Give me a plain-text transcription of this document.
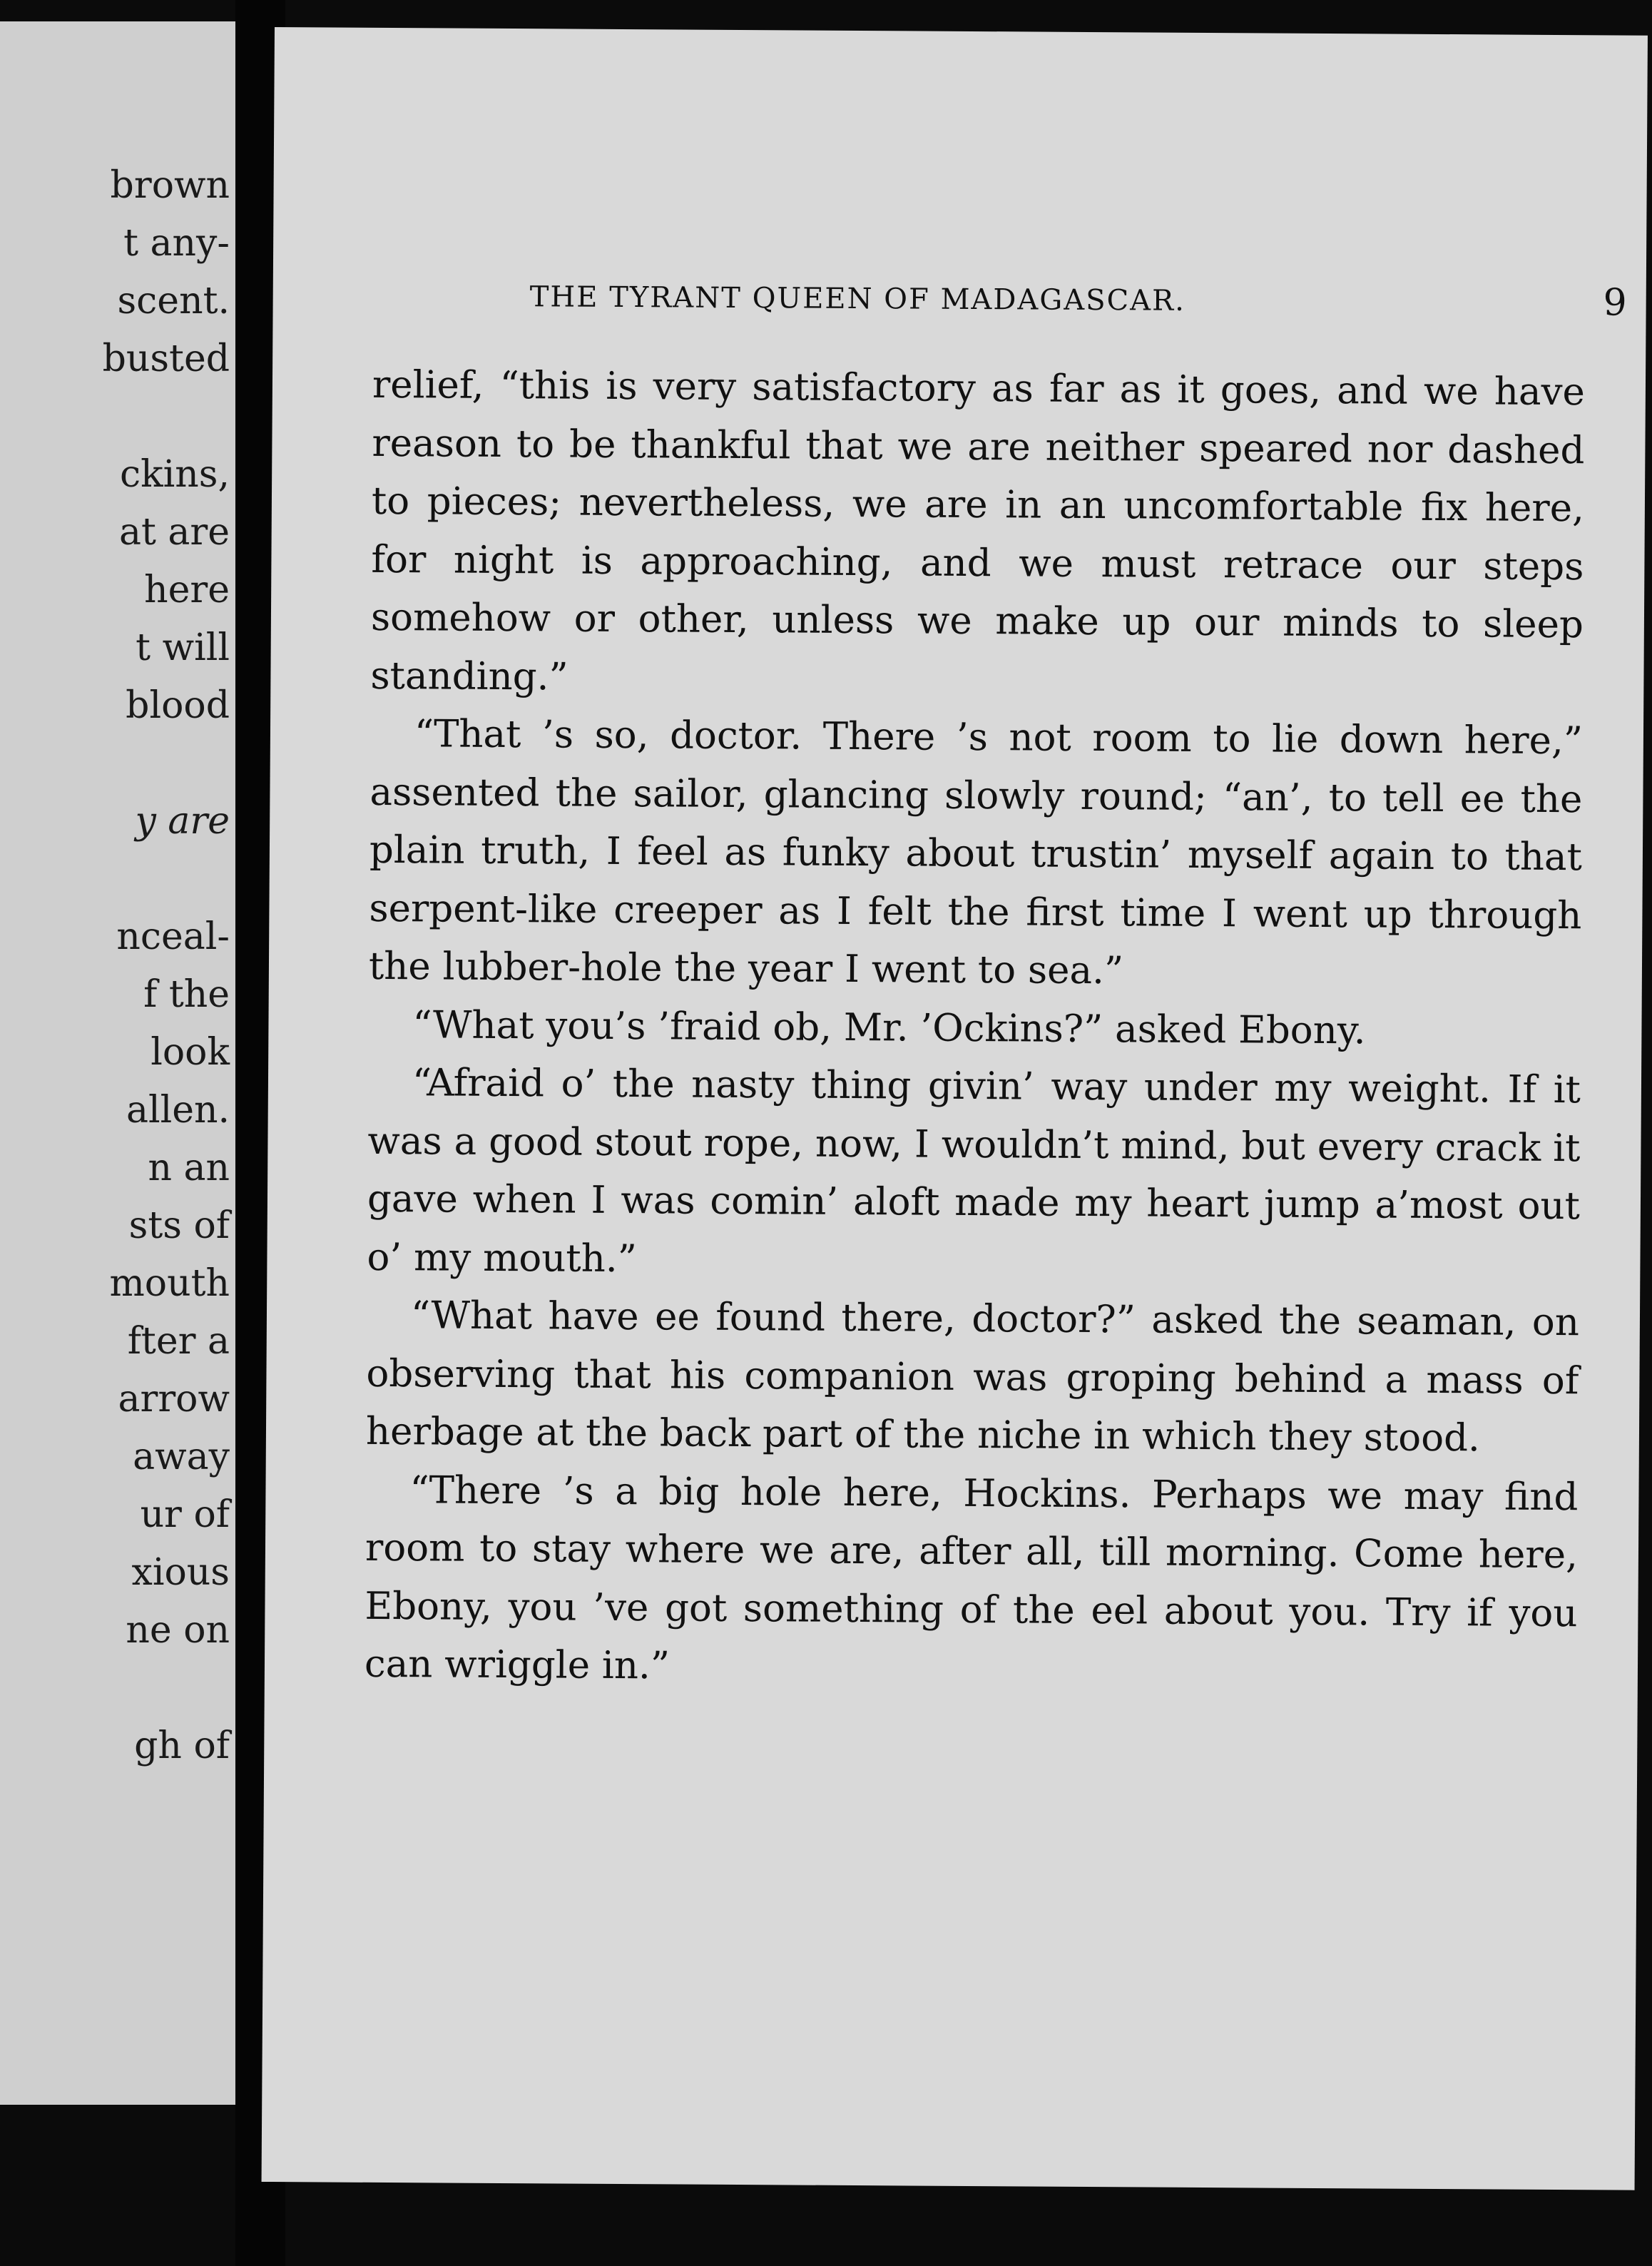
brown
t any-
scent.
busted
ckins,
at are
here
t will
blood
y are
nceal-
f the
look
allen.
n an
sts of
mouth
fter a
arrow
away
ur of
xious
ne on
gh of
THE TYRANT QUEEN OF MADAGASCAR.	9

relief, “this is very satisfactory as far as it goes, and we have reason to be thankful that we are neither speared nor dashed to pieces; nevertheless, we are in an uncomfortable fix here, for night is approaching, and we must retrace our steps somehow or other, unless we make up our minds to sleep standing.”

“That ’s so, doctor. There ’s not room to lie down here,” assented the sailor, glancing slowly round; “an’, to tell ee the plain truth, I feel as funky about trustin’ myself again to that serpent-like creeper as I felt the first time I went up through the lubber-hole the year I went to sea.”

“What you’s ’fraid ob, Mr. ’Ockins?” asked Ebony.

“Afraid o’ the nasty thing givin’ way under my weight. If it was a good stout rope, now, I wouldn’t mind, but every crack it gave when I was comin’ aloft made my heart jump a’most out o’ my mouth.”

“What have ee found there, doctor?” asked the seaman, on observing that his companion was groping behind a mass of herbage at the back part of the niche in which they stood.

“There ’s a big hole here, Hockins. Perhaps we may find room to stay where we are, after all, till morning. Come here, Ebony, you ’ve got something of the eel about you. Try if you can wriggle in.”
